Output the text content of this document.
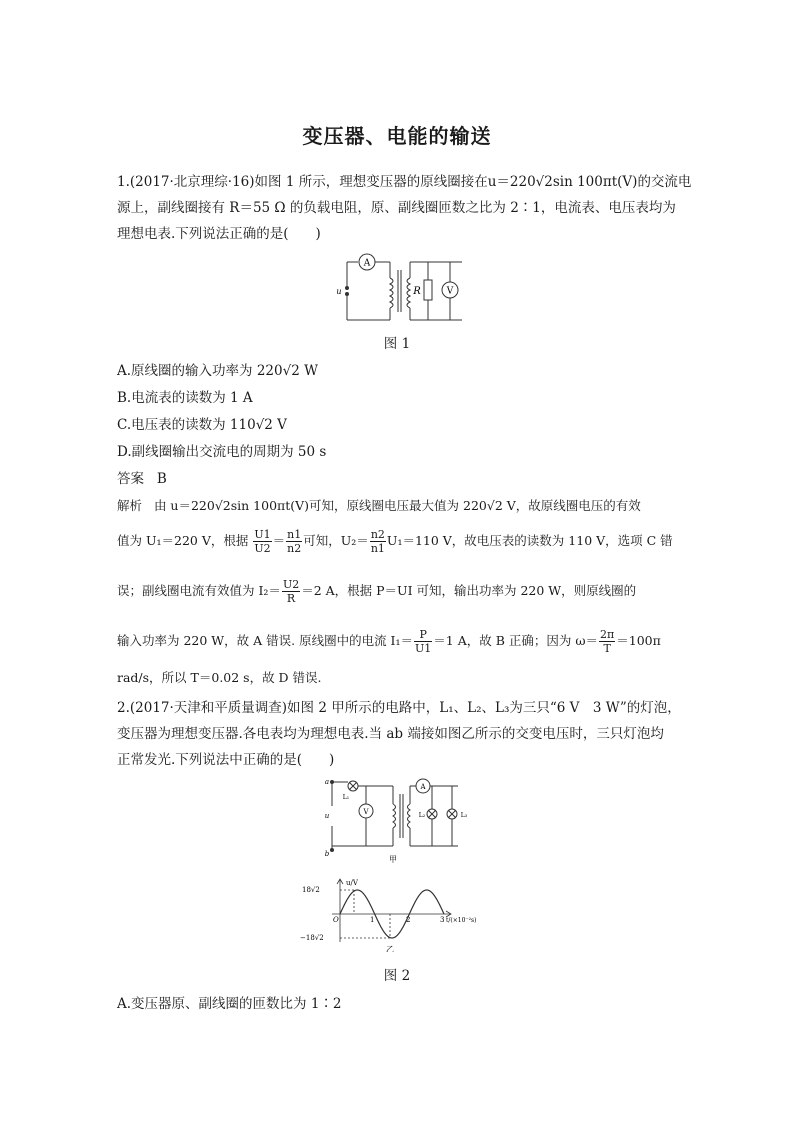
变压器、电能的输送
1.(2017·北京理综·16)如图 1 所示，理想变压器的原线圈接在u＝220√2sin 100πt(V)的交流电
源上，副线圈接有 R＝55 Ω 的负载电阻，原、副线圈匝数之比为 2∶1，电流表、电压表均为
理想电表.下列说法正确的是(　　)
A
V
R
u
图 1
A.原线圈的输入功率为 220√2 W
B.电流表的读数为 1 A
C.电压表的读数为 110√2 V
D.副线圈输出交流电的周期为 50 s
答案 B
解析 由 u＝220√2sin 100πt(V)可知，原线圈电压最大值为 220√2 V，故原线圈电压的有效
值为 U₁＝220 V，根据 $\frac{U1}{U2} = \frac{n1}{n2}$ 可知，$U_2= \frac{n2}{n1} U_1=110$ V，故电压表的读数为 110 V，选项 C 错
误；副线圈电流有效值为 $I_2= \frac{U2}{R} =2$ A，根据 P＝UI 可知，输出功率为 220 W，则原线圈的
输入功率为 220 W，故 A 错误. 原线圈中的电流 $I_1= \frac{P}{U1} =1$ A，故 B 正确；因为 $\omega= \frac{2\pi}{T} =100\pi$
rad/s，所以 T＝0.02 s，故 D 错误.
2.(2017·天津和平质量调查)如图 2 甲所示的电路中，L₁、L₂、L₃为三只“6 V　3 W”的灯泡，
变压器为理想变压器.各电表均为理想电表.当 ab 端接如图乙所示的交变电压时，三只灯泡均
正常发光.下列说法中正确的是(　　)
a
b
u
L₁
V
A
L₂	L₃
甲
u/V
18√2
−18√2
O	1	2	3 t/(×10⁻²s)
乙
图 2
A.变压器原、副线圈的匝数比为 1∶2
